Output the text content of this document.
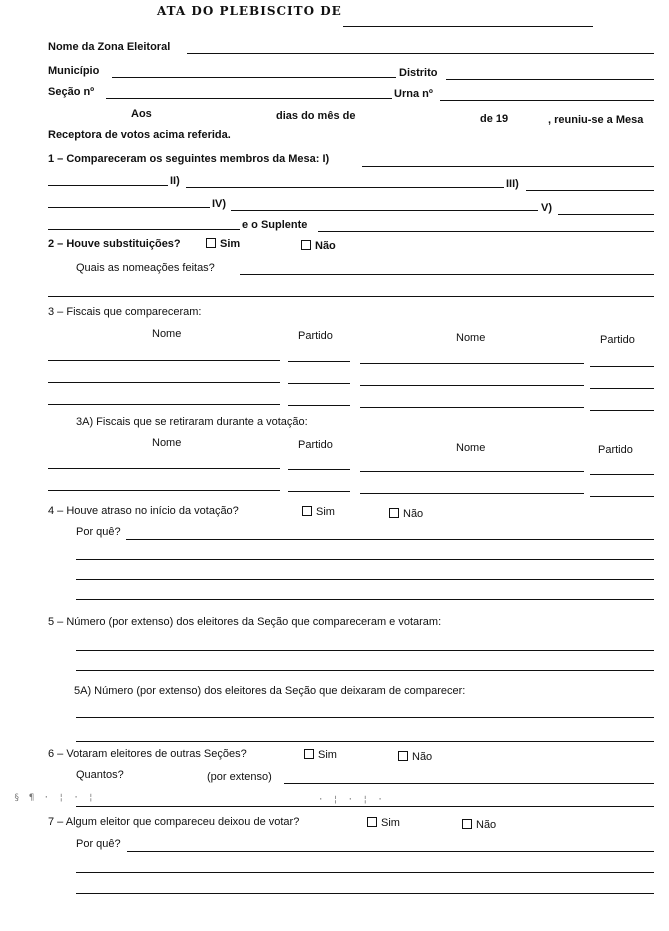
ATA DO PLEBISCITO DE
Nome da Zona Eleitoral
Município	Distrito
Seção nº	Urna nº
Aos	dias do mês de	de 19	, reuniu-se a Mesa
Receptora de votos acima referida.
1 – Compareceram os seguintes membros da Mesa: I)
II)	III)
IV)	V)
e o Suplente
2 – Houve substituições?	Sim	Não
Quais as nomeações feitas?
3 – Fiscais que compareceram:
Nome	Partido	Nome	Partido
3A) Fiscais que se retiraram durante a votação:
Nome	Partido	Nome	Partido
4 – Houve atraso no início da votação?	Sim	Não
Por quê?
5 – Número (por extenso) dos eleitores da Seção que compareceram e votaram:
5A) Número (por extenso) dos eleitores da Seção que deixaram de comparecer:
6 – Votaram eleitores de outras Seções?	Sim	Não
Quantos?	(por extenso)
§ ¶ · ¦ · ¦	· ¦ · ¦ ·
7 – Algum eleitor que compareceu deixou de votar?	Sim	Não
Por quê?
